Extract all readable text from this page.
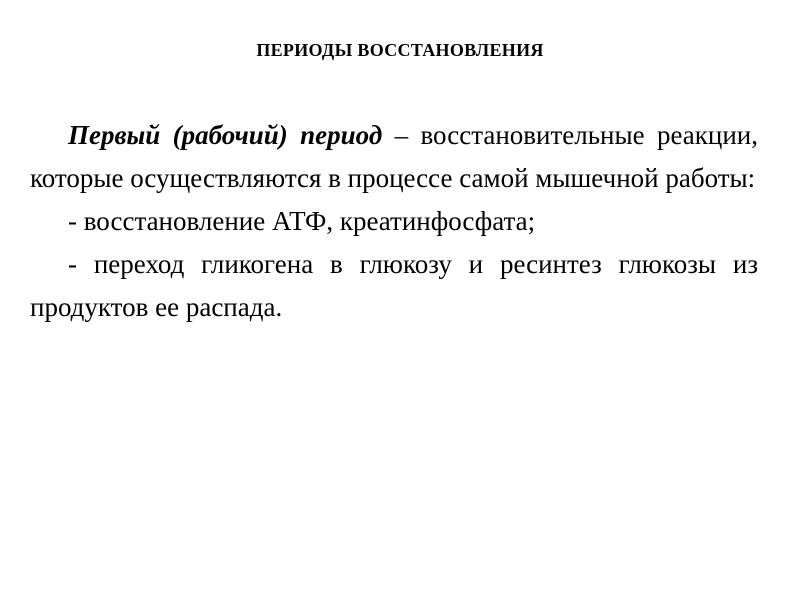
ПЕРИОДЫ ВОССТАНОВЛЕНИЯ

Первый (рабочий) период – восстановительные реакции, которые осуществляются в процессе самой мышечной работы:

- восстановление АТФ, креатинфосфата;

- переход гликогена в глюкозу и ресинтез глюкозы из продуктов ее распада.
